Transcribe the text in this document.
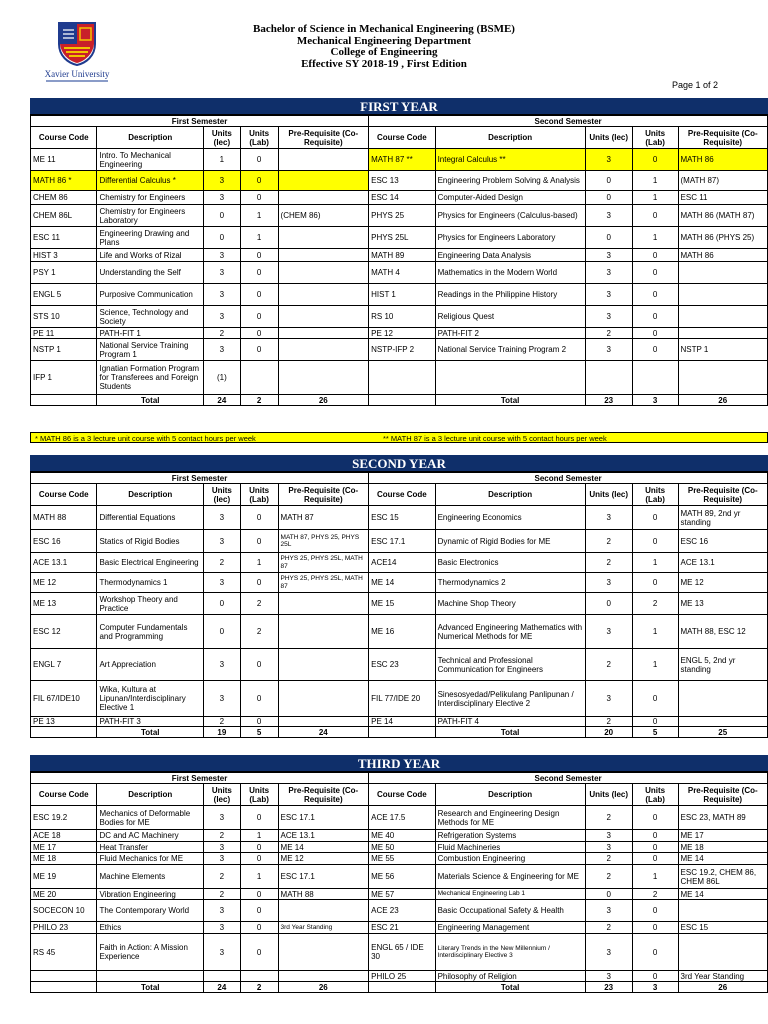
Xavier University
Bachelor of Science in Mechanical Engineering (BSME)
Mechanical Engineering Department
College of Engineering
Effective SY 2018-19 , First Edition
Page 1 of 2
FIRST YEAR
First Semester					Second Semester				
Course Code	Description	Units (lec)	Units (Lab)	Pre-Requisite (Co-Requisite)	Course Code	Description	Units (lec)	Units (Lab)	Pre-Requisite (Co-Requisite)
ME 11	Intro. To Mechanical Engineering	1	0		MATH 87 **	Integral Calculus **	3	0	MATH 86
MATH 86 *	Differential Calculus *	3	0		ESC 13	Engineering Problem Solving & Analysis	0	1	(MATH 87)
CHEM 86	Chemistry for Engineers	3	0		ESC 14	Computer-Aided Design	0	1	ESC 11
CHEM 86L	Chemistry for Engineers Laboratory	0	1	(CHEM 86)	PHYS 25	Physics for Engineers (Calculus-based)	3	0	MATH 86 (MATH 87)
ESC 11	Engineering Drawing and Plans	0	1		PHYS 25L	Physics for Engineers Laboratory	0	1	MATH 86 (PHYS 25)
HIST 3	Life and Works of Rizal	3	0		MATH 89	Engineering Data Analysis	3	0	MATH 86
PSY 1	Understanding the Self	3	0		MATH 4	Mathematics in the Modern World	3	0	
ENGL 5	Purposive Communication	3	0		HIST 1	Readings in the Philippine History	3	0	
STS 10	Science, Technology and Society	3	0		RS 10	Religious Quest	3	0	
PE 11	PATH-FIT 1	2	0		PE 12	PATH-FIT 2	2	0	
NSTP 1	National Service Training Program 1	3	0		NSTP-IFP 2	National Service Training Program 2	3	0	NSTP 1
IFP 1	Ignatian Formation Program for Transferees and Foreign Students	(1)							
	Total	24	2	26		Total	23	3	26
* MATH 86 is a 3 lecture unit course with 5 contact hours per week	** MATH 87 is a 3 lecture unit course with 5 contact hours per week
SECOND YEAR
First Semester					Second Semester				
Course Code	Description	Units (lec)	Units (Lab)	Pre-Requisite (Co-Requisite)	Course Code	Description	Units (lec)	Units (Lab)	Pre-Requisite (Co-Requisite)
MATH 88	Differential Equations	3	0	MATH 87	ESC 15	Engineering Economics	3	0	MATH 89, 2nd yr standing
ESC 16	Statics of Rigid Bodies	3	0	MATH 87, PHYS 25, PHYS 25L	ESC 17.1	Dynamic of Rigid Bodies for ME	2	0	ESC 16
ACE 13.1	Basic Electrical Engineering	2	1	PHYS 25, PHYS 25L, MATH 87	ACE14	Basic Electronics	2	1	ACE 13.1
ME 12	Thermodynamics 1	3	0	PHYS 25, PHYS 25L, MATH 87	ME 14	Thermodynamics 2	3	0	ME 12
ME 13	Workshop Theory and Practice	0	2		ME 15	Machine Shop Theory	0	2	ME 13
ESC 12	Computer Fundamentals and Programming	0	2		ME 16	Advanced Engineering Mathematics with Numerical Methods for ME	3	1	MATH 88, ESC 12
ENGL 7	Art Appreciation	3	0		ESC 23	Technical and Professional Communication for Engineers	2	1	ENGL 5, 2nd yr standing
FIL 67/IDE10	Wika, Kultura at Lipunan/Interdisciplinary Elective 1	3	0		FIL 77/IDE 20	Sinesosyedad/Pelikulang Panlipunan / Interdisciplinary Elective 2	3	0	
PE 13	PATH-FIT 3	2	0		PE 14	PATH-FIT 4	2	0	
	Total	19	5	24		Total	20	5	25
THIRD YEAR
First Semester					Second Semester				
Course Code	Description	Units (lec)	Units (Lab)	Pre-Requisite (Co-Requisite)	Course Code	Description	Units (lec)	Units (Lab)	Pre-Requisite (Co-Requisite)
ESC 19.2	Mechanics of Deformable Bodies for ME	3	0	ESC 17.1	ACE 17.5	Research and Engineering Design Methods for ME	2	0	ESC 23, MATH 89
ACE 18	DC and AC Machinery	2	1	ACE 13.1	ME 40	Refrigeration Systems	3	0	ME 17
ME 17	Heat Transfer	3	0	ME 14	ME 50	Fluid Machineries	3	0	ME 18
ME 18	Fluid Mechanics for ME	3	0	ME 12	ME 55	Combustion Engineering	2	0	ME 14
ME 19	Machine Elements	2	1	ESC 17.1	ME 56	Materials Science & Engineering for ME	2	1	ESC 19.2, CHEM 86, CHEM 86L
ME 20	Vibration Engineering	2	0	MATH 88	ME 57	Mechanical Engineering Lab 1	0	2	ME 14
SOCECON 10	The Contemporary World	3	0		ACE 23	Basic Occupational Safety & Health	3	0	
PHILO 23	Ethics	3	0	3rd Year Standing	ESC 21	Engineering Management	2	0	ESC 15
RS 45	Faith in Action: A Mission Experience	3	0		ENGL 65 / IDE 30	Literary Trends in the New Millennium / Interdisciplinary Elective 3	3	0	
					PHILO 25	Philosophy of Religion	3	0	3rd Year Standing
	Total	24	2	26		Total	23	3	26
